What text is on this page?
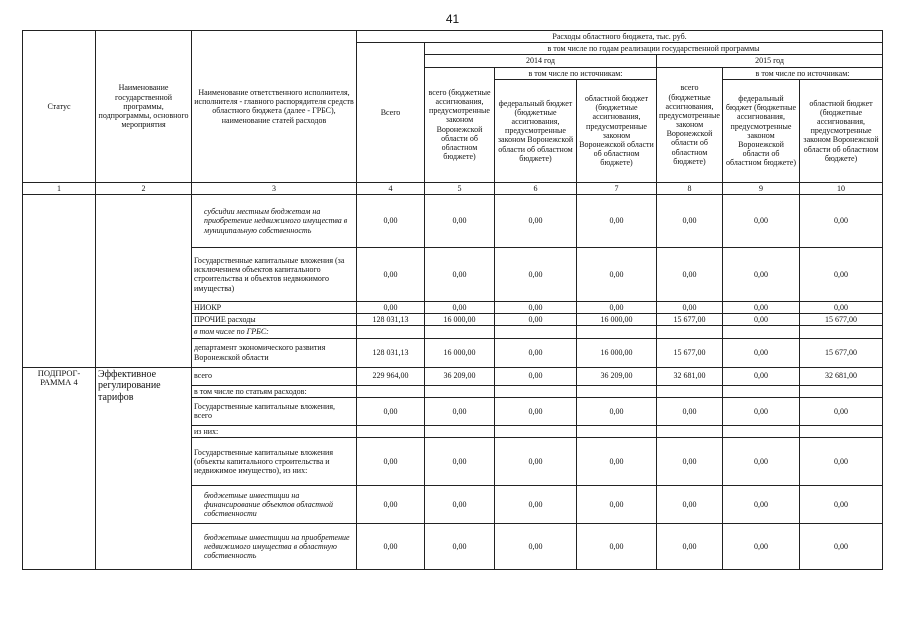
41
Статус	Наименование государственной программы, подпрограммы, основного мероприятия	Наименование ответственного исполнителя, исполнителя - главного распорядителя средств областного бюджета (далее - ГРБС), наименование статей расходов	Расходы областного бюджета, тыс. руб.						
			Всего	в том числе по годам реализации государственной программы					
				2014 год			2015 год		
				всего (бюджетные ассигнования, предусмотренные законом Воронежской области об областном бюджете)	в том числе по источникам:		всего (бюджетные ассигнования, предусмотренные законом Воронежской области об областном бюджете)	в том числе по источникам:	
					федеральный бюджет (бюджетные ассигнования, предусмотренные законом Воронежской области об областном бюджете)	областной бюджет (бюджетные ассигнования, предусмотренные законом Воронежской области об областном бюджете)		федеральный бюджет (бюджетные ассигнования, предусмотренные законом Воронежской области об областном бюджете)	областной бюджет (бюджетные ассигнования, предусмотренные законом Воронежской области об областном бюджете)
1	2	3	4	5	6	7	8	9	10
		субсидии местным бюджетам на приобретение недвижимого имущества в муниципальную собственность	0,00	0,00	0,00	0,00	0,00	0,00	0,00
		Государственные капитальные вложения (за исключением объектов капитального строительства и объектов недвижимого имущества)	0,00	0,00	0,00	0,00	0,00	0,00	0,00
		НИОКР	0,00	0,00	0,00	0,00	0,00	0,00	0,00
		ПРОЧИЕ расходы	128 031,13	16 000,00	0,00	16 000,00	15 677,00	0,00	15 677,00
		в том числе по ГРБС:							
		департамент экономического развития Воронежской области	128 031,13	16 000,00	0,00	16 000,00	15 677,00	0,00	15 677,00
ПОДПРОГ-РАММА 4	Эффективное регулирование тарифов	всего	229 964,00	36 209,00	0,00	36 209,00	32 681,00	0,00	32 681,00
		в том числе по статьям расходов:							
		Государственные капитальные вложения, всего	0,00	0,00	0,00	0,00	0,00	0,00	0,00
		из них:							
		Государственные капитальные вложения (объекты капитального строительства и недвижимое имущество), из них:	0,00	0,00	0,00	0,00	0,00	0,00	0,00
		бюджетные инвестиции на финансирование объектов областной собственности	0,00	0,00	0,00	0,00	0,00	0,00	0,00
		бюджетные инвестиции на приобретение недвижимого имущества в областную собственность	0,00	0,00	0,00	0,00	0,00	0,00	0,00
